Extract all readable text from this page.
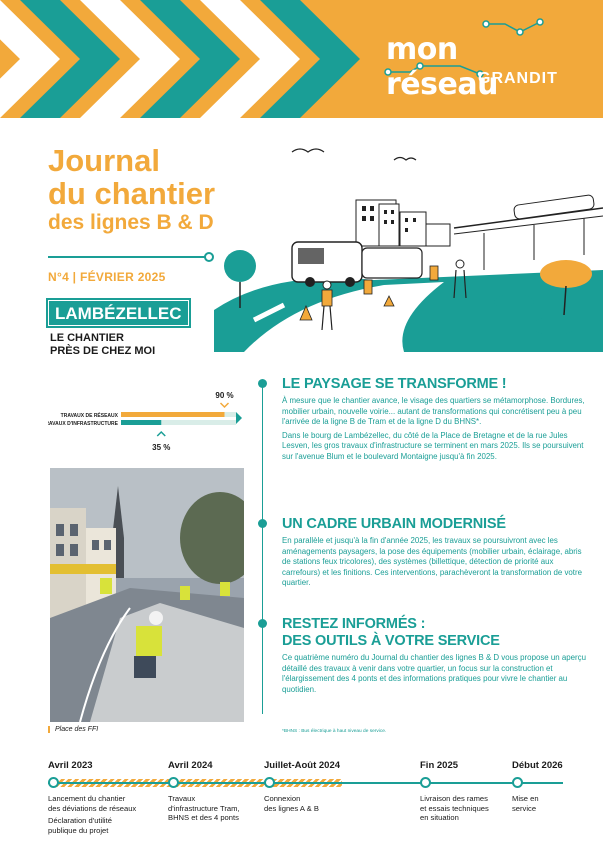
mon réseau
GRANDIT
Journal
du chantier
des lignes B & D
N°4 | FÉVRIER 2025
LAMBÉZELLEC
LE CHANTIER
PRÈS DE CHEZ MOI
TRAVAUX DE RÉSEAUX
TRAVAUX D'INFRASTRUCTURE
90 %
35 %
Place des FFI
LE PAYSAGE SE TRANSFORME !

À mesure que le chantier avance, le visage des quartiers se métamorphose. Bordures, mobilier urbain, nouvelle voirie... autant de transformations qui concrétisent peu à peu l'arrivée de la ligne B de Tram et de la ligne D du BHNS*.

Dans le bourg de Lambézellec, du côté de la Place de Bretagne et de la rue Jules Lesven, les gros travaux d'infrastructure se terminent en mars 2025. Ils se poursuivent sur l'avenue Blum et le boulevard Montaigne jusqu'à fin 2025.

UN CADRE URBAIN MODERNISÉ

En parallèle et jusqu'à la fin d'année 2025, les travaux se poursuivront avec les aménagements paysagers, la pose des équipements (mobilier urbain, éclairage, abris de stations feux tricolores), des systèmes (billettique, détection de priorité aux carrefours) et les finitions. Ces interventions, parachèveront la transformation de votre quartier.

RESTEZ INFORMÉS :
DES OUTILS À VOTRE SERVICE

Ce quatrième numéro du Journal du chantier des lignes B & D vous propose un aperçu détaillé des travaux à venir dans votre quartier, un focus sur la construction et l'élargissement des 4 ponts et des informations pratiques pour vivre le chantier au quotidien.

*BHNS : Bus électrique à haut niveau de service.
Avril 2023
Lancement du chantier
des déviations de réseaux
Déclaration d'utilité
publique du projet
Avril 2024
Travaux
d'infrastructure Tram,
BHNS et des 4 ponts
Juillet-Août 2024
Connexion
des lignes A & B
Fin 2025
Livraison des rames
et essais techniques
en situation
Début 2026
Mise en
service
